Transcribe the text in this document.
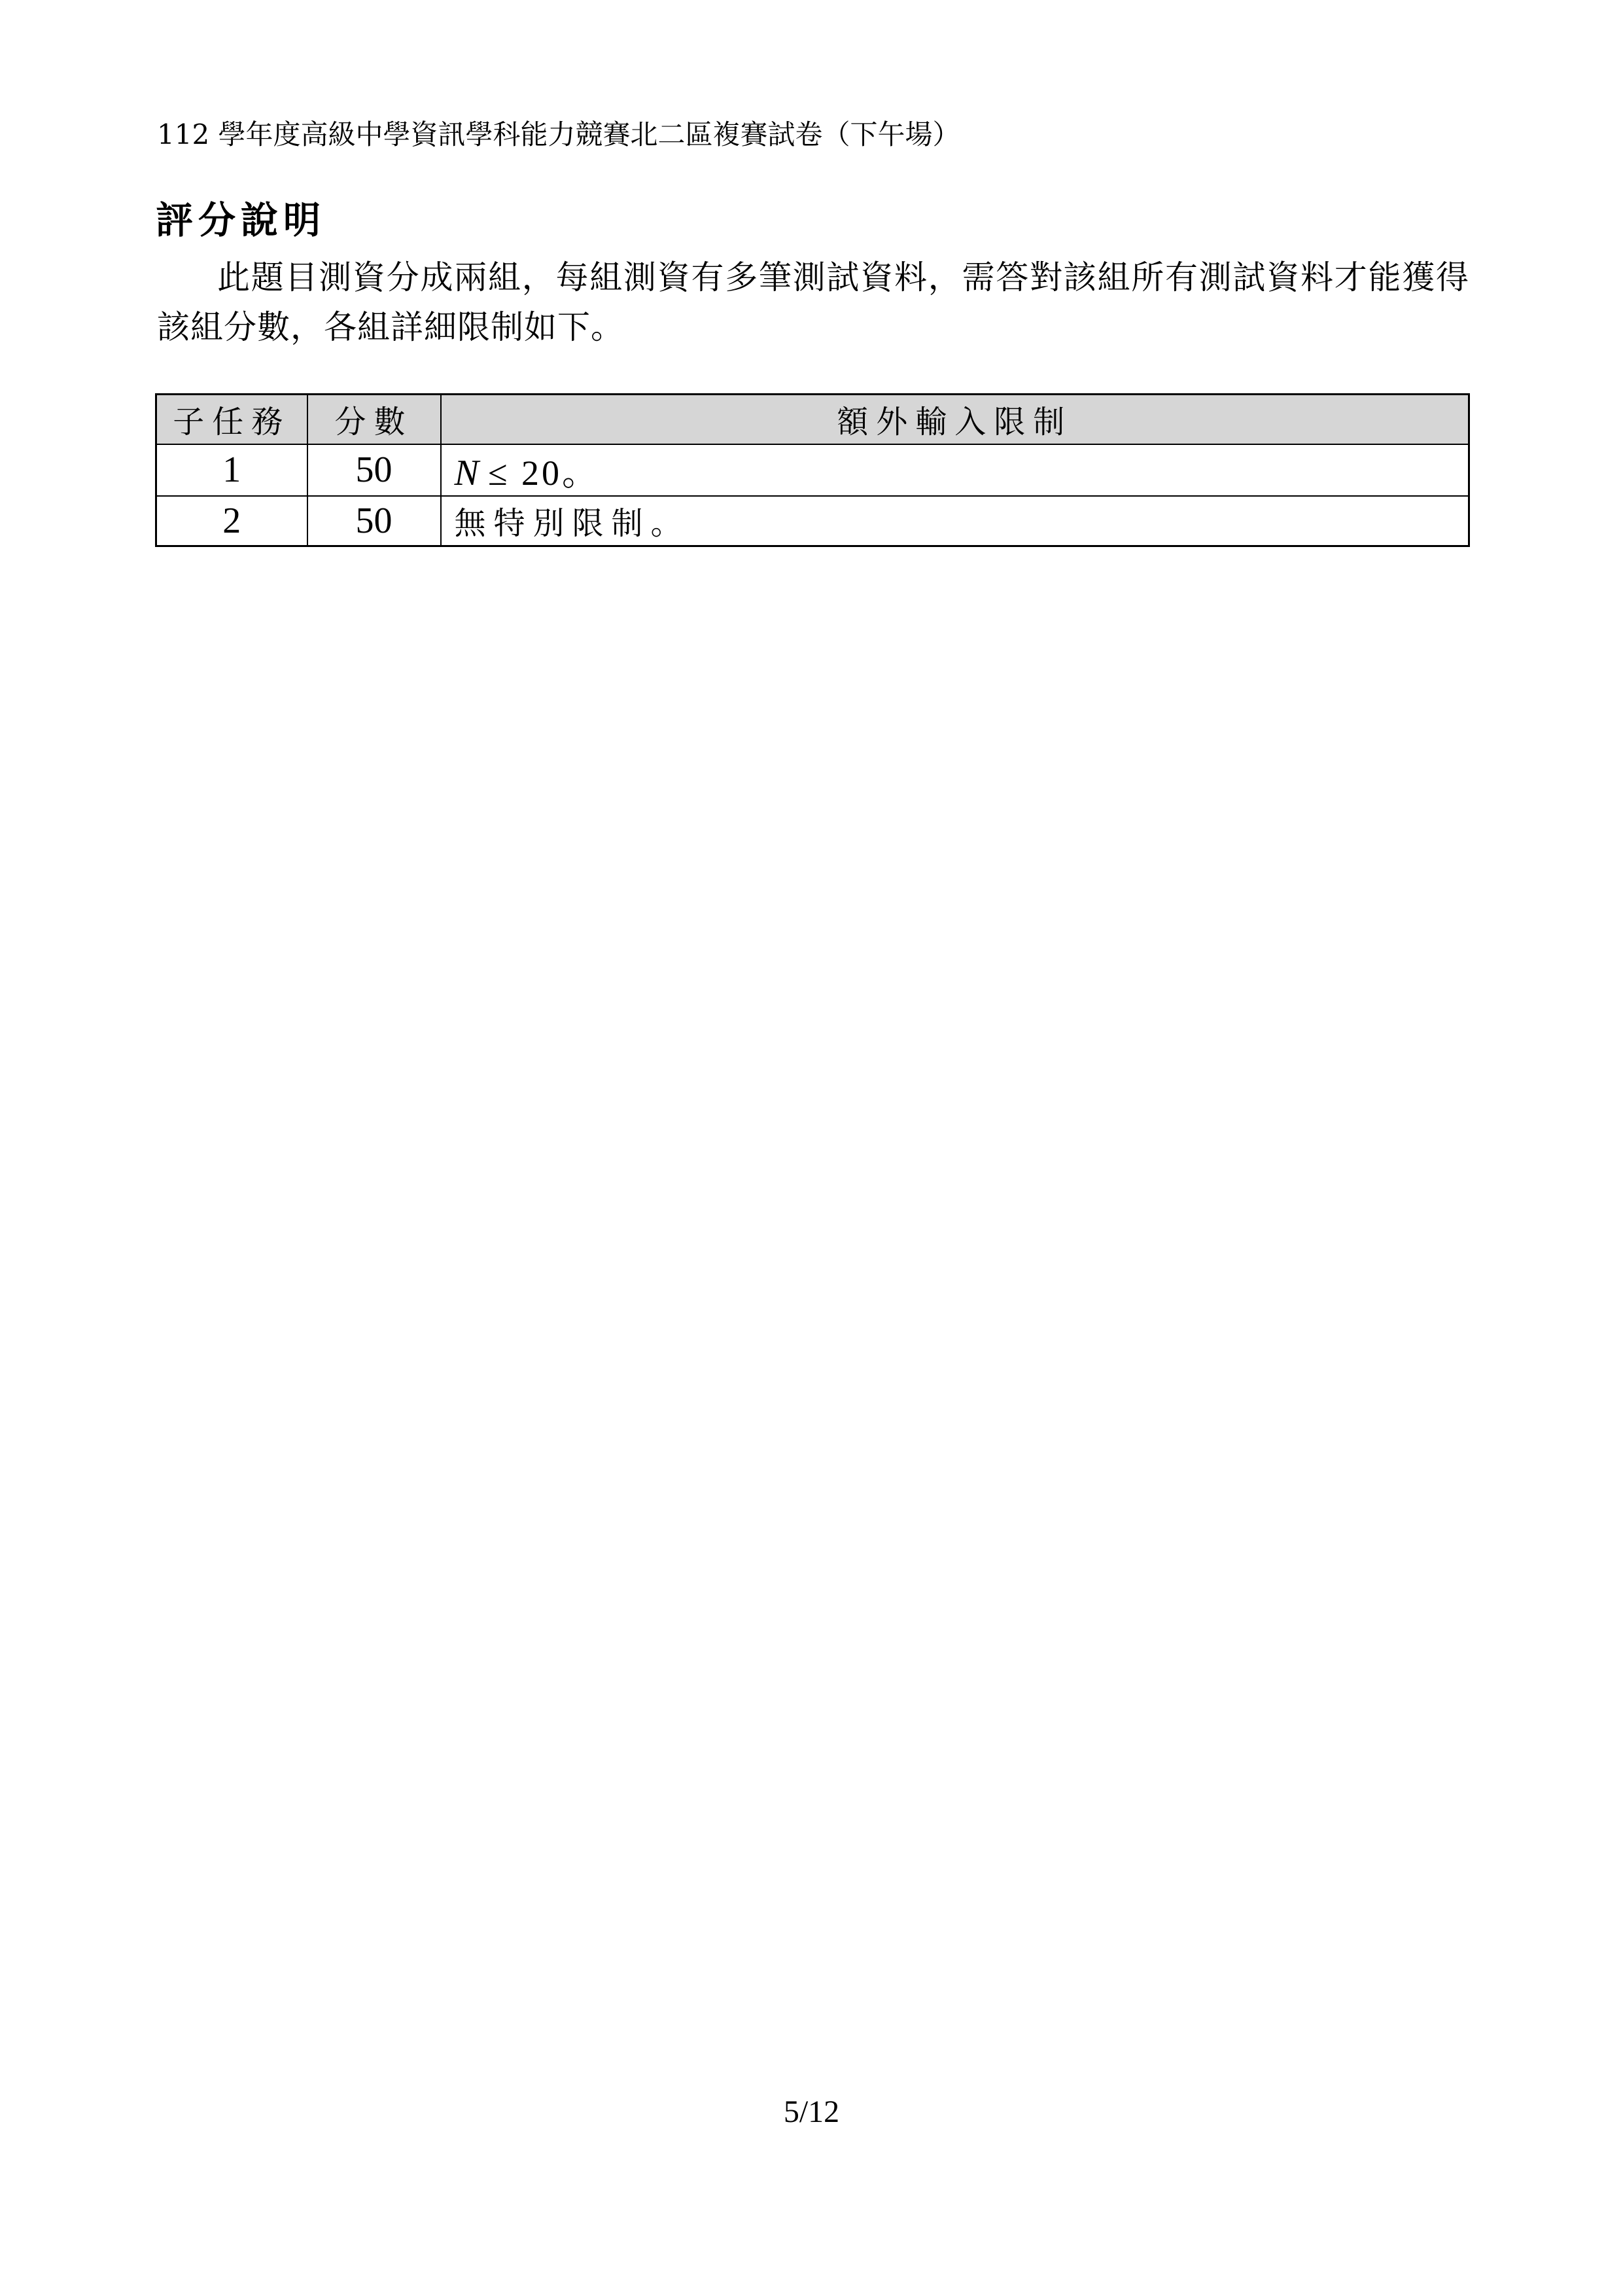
112 學年度高級中學資訊學科能力競賽北二區複賽試卷（下午場）
評分說明

此題目測資分成兩組，每組測資有多筆測試資料，需答對該組所有測試資料才能獲得該組分數，各組詳細限制如下。

子任務	分數	額外輸入限制
1	50	N ≤ 20。
2	50	無特別限制。
5/12
